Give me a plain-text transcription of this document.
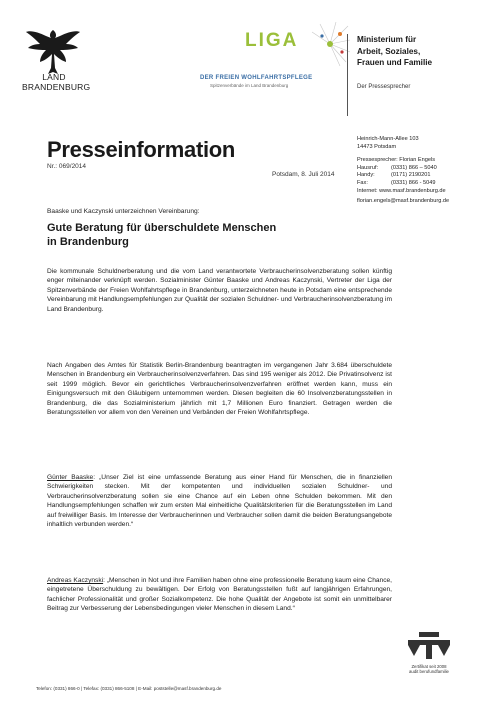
LAND
BRANDENBURG
LIGA
DER FREIEN WOHLFAHRTSPFLEGE
Spitzenverbände im Land Brandenburg
Ministerium für
Arbeit, Soziales,
Frauen und Familie
Der Pressesprecher
Presseinformation
Nr.: 069/2014
Potsdam, 8. Juli 2014
Heinrich-Mann-Allee 103
14473 Potsdam
Pressesprecher: Florian Engels
Hausruf:	(0331) 866 – 5040
Handy:	(0171) 2190201
Fax:	(0331) 866 - 5049
Internet: www.masf.brandenburg.de
florian.engels@masf.brandenburg.de
Baaske und Kaczynski unterzeichnen Vereinbarung:
Gute Beratung für überschuldete Menschen
in Brandenburg
Die kommunale Schuldnerberatung und die vom Land verantwortete Verbraucherinsolvenzberatung sollen künftig enger miteinander verknüpft werden. Sozialminister Günter Baaske und Andreas Kaczynski, Vertreter der Liga der Spitzenverbände der Freien Wohlfahrtspflege in Brandenburg, unterzeichneten heute in Potsdam eine entsprechende Vereinbarung mit Handlungsempfehlungen zur Qualität der sozialen Schuldner- und Verbraucherinsolvenzberatung im Land Brandenburg.
Nach Angaben des Amtes für Statistik Berlin-Brandenburg beantragten im vergangenen Jahr 3.684 überschuldete Menschen in Brandenburg ein Verbraucherinsolvenzverfahren. Das sind 195 weniger als 2012. Die Privatinsolvenz ist seit 1999 möglich. Bevor ein gerichtliches Verbraucherinsolvenzverfahren eröffnet werden kann, muss ein Einigungsversuch mit den Gläubigern unternommen werden. Diesen begleiten die 60 Insolvenzberatungsstellen in Brandenburg, die das Sozialministerium jährlich mit 1,7 Millionen Euro finanziert. Getragen werden die Beratungsstellen vor allem von den Vereinen und Verbänden der Freien Wohlfahrtspflege.
Günter Baaske: „Unser Ziel ist eine umfassende Beratung aus einer Hand für Menschen, die in finanziellen Schwierigkeiten stecken. Mit der kompetenten und individuellen sozialen Schuldner- und Verbraucherinsolvenzberatung sollen sie eine Chance auf ein Leben ohne Schulden bekommen. Mit den Handlungsempfehlungen schaffen wir zum ersten Mal einheitliche Qualitätskriterien für die Beratungsstellen im Land auf freiwilliger Basis. Im Interesse der Verbraucherinnen und Verbraucher sollen damit die beiden Beratungsangebote inhaltlich verbunden werden.“
Andreas Kaczynski: „Menschen in Not und ihre Familien haben ohne eine professionelle Beratung kaum eine Chance, eingetretene Überschuldung zu bewältigen. Der Erfolg von Beratungsstellen fußt auf langjährigen Erfahrungen, fachlicher Professionalität und großer Sozialkompetenz. Die hohe Qualität der Angebote ist somit ein unmittelbarer Beitrag zur Verbesserung der Lebensbedingungen vieler Menschen in diesem Land.“
Zertifikat seit 2008
audit berufundfamilie
Telefon: (0331) 866-0 | Telefax: (0331) 866-5108 | E-Mail: poststelle@masf.brandenburg.de
